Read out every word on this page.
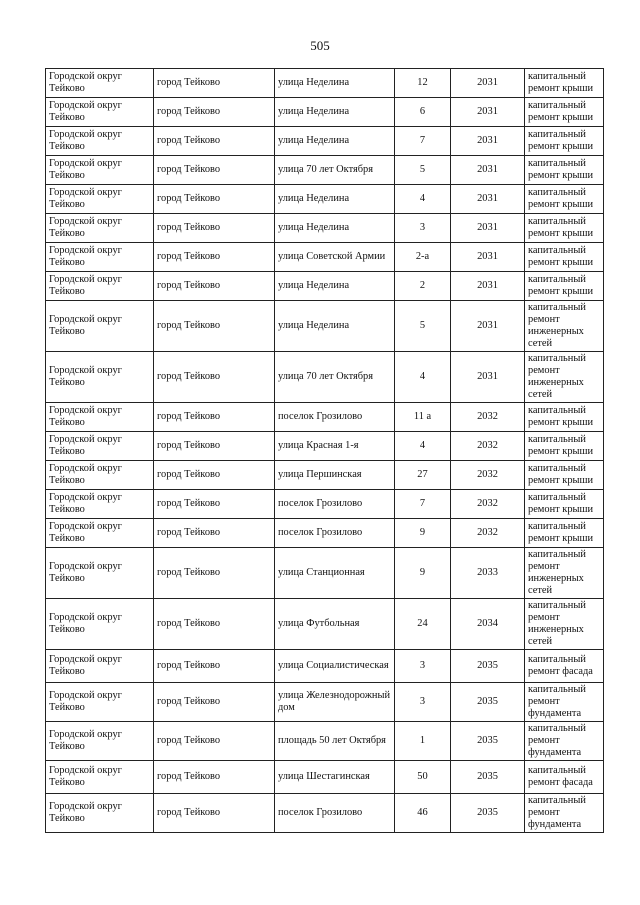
505
Городской округ Тейково	город Тейково	улица Неделина	12	2031	капитальный ремонт крыши
Городской округ Тейково	город Тейково	улица Неделина	6	2031	капитальный ремонт крыши
Городской округ Тейково	город Тейково	улица Неделина	7	2031	капитальный ремонт крыши
Городской округ Тейково	город Тейково	улица 70 лет Октября	5	2031	капитальный ремонт крыши
Городской округ Тейково	город Тейково	улица Неделина	4	2031	капитальный ремонт крыши
Городской округ Тейково	город Тейково	улица Неделина	3	2031	капитальный ремонт крыши
Городской округ Тейково	город Тейково	улица Советской Армии	2-а	2031	капитальный ремонт крыши
Городской округ Тейково	город Тейково	улица Неделина	2	2031	капитальный ремонт крыши
Городской округ Тейково	город Тейково	улица Неделина	5	2031	капитальный ремонт инженерных сетей
Городской округ Тейково	город Тейково	улица 70 лет Октября	4	2031	капитальный ремонт инженерных сетей
Городской округ Тейково	город Тейково	поселок Грозилово	11 а	2032	капитальный ремонт крыши
Городской округ Тейково	город Тейково	улица Красная 1-я	4	2032	капитальный ремонт крыши
Городской округ Тейково	город Тейково	улица Першинская	27	2032	капитальный ремонт крыши
Городской округ Тейково	город Тейково	поселок Грозилово	7	2032	капитальный ремонт крыши
Городской округ Тейково	город Тейково	поселок Грозилово	9	2032	капитальный ремонт крыши
Городской округ Тейково	город Тейково	улица Станционная	9	2033	капитальный ремонт инженерных сетей
Городской округ Тейково	город Тейково	улица Футбольная	24	2034	капитальный ремонт инженерных сетей
Городской округ Тейково	город Тейково	улица Социалистическая	3	2035	капитальный ремонт фасада
Городской округ Тейково	город Тейково	улица Железнодорожный дом	3	2035	капитальный ремонт фундамента
Городской округ Тейково	город Тейково	площадь 50 лет Октября	1	2035	капитальный ремонт фундамента
Городской округ Тейково	город Тейково	улица Шестагинская	50	2035	капитальный ремонт фасада
Городской округ Тейково	город Тейково	поселок Грозилово	46	2035	капитальный ремонт фундамента
